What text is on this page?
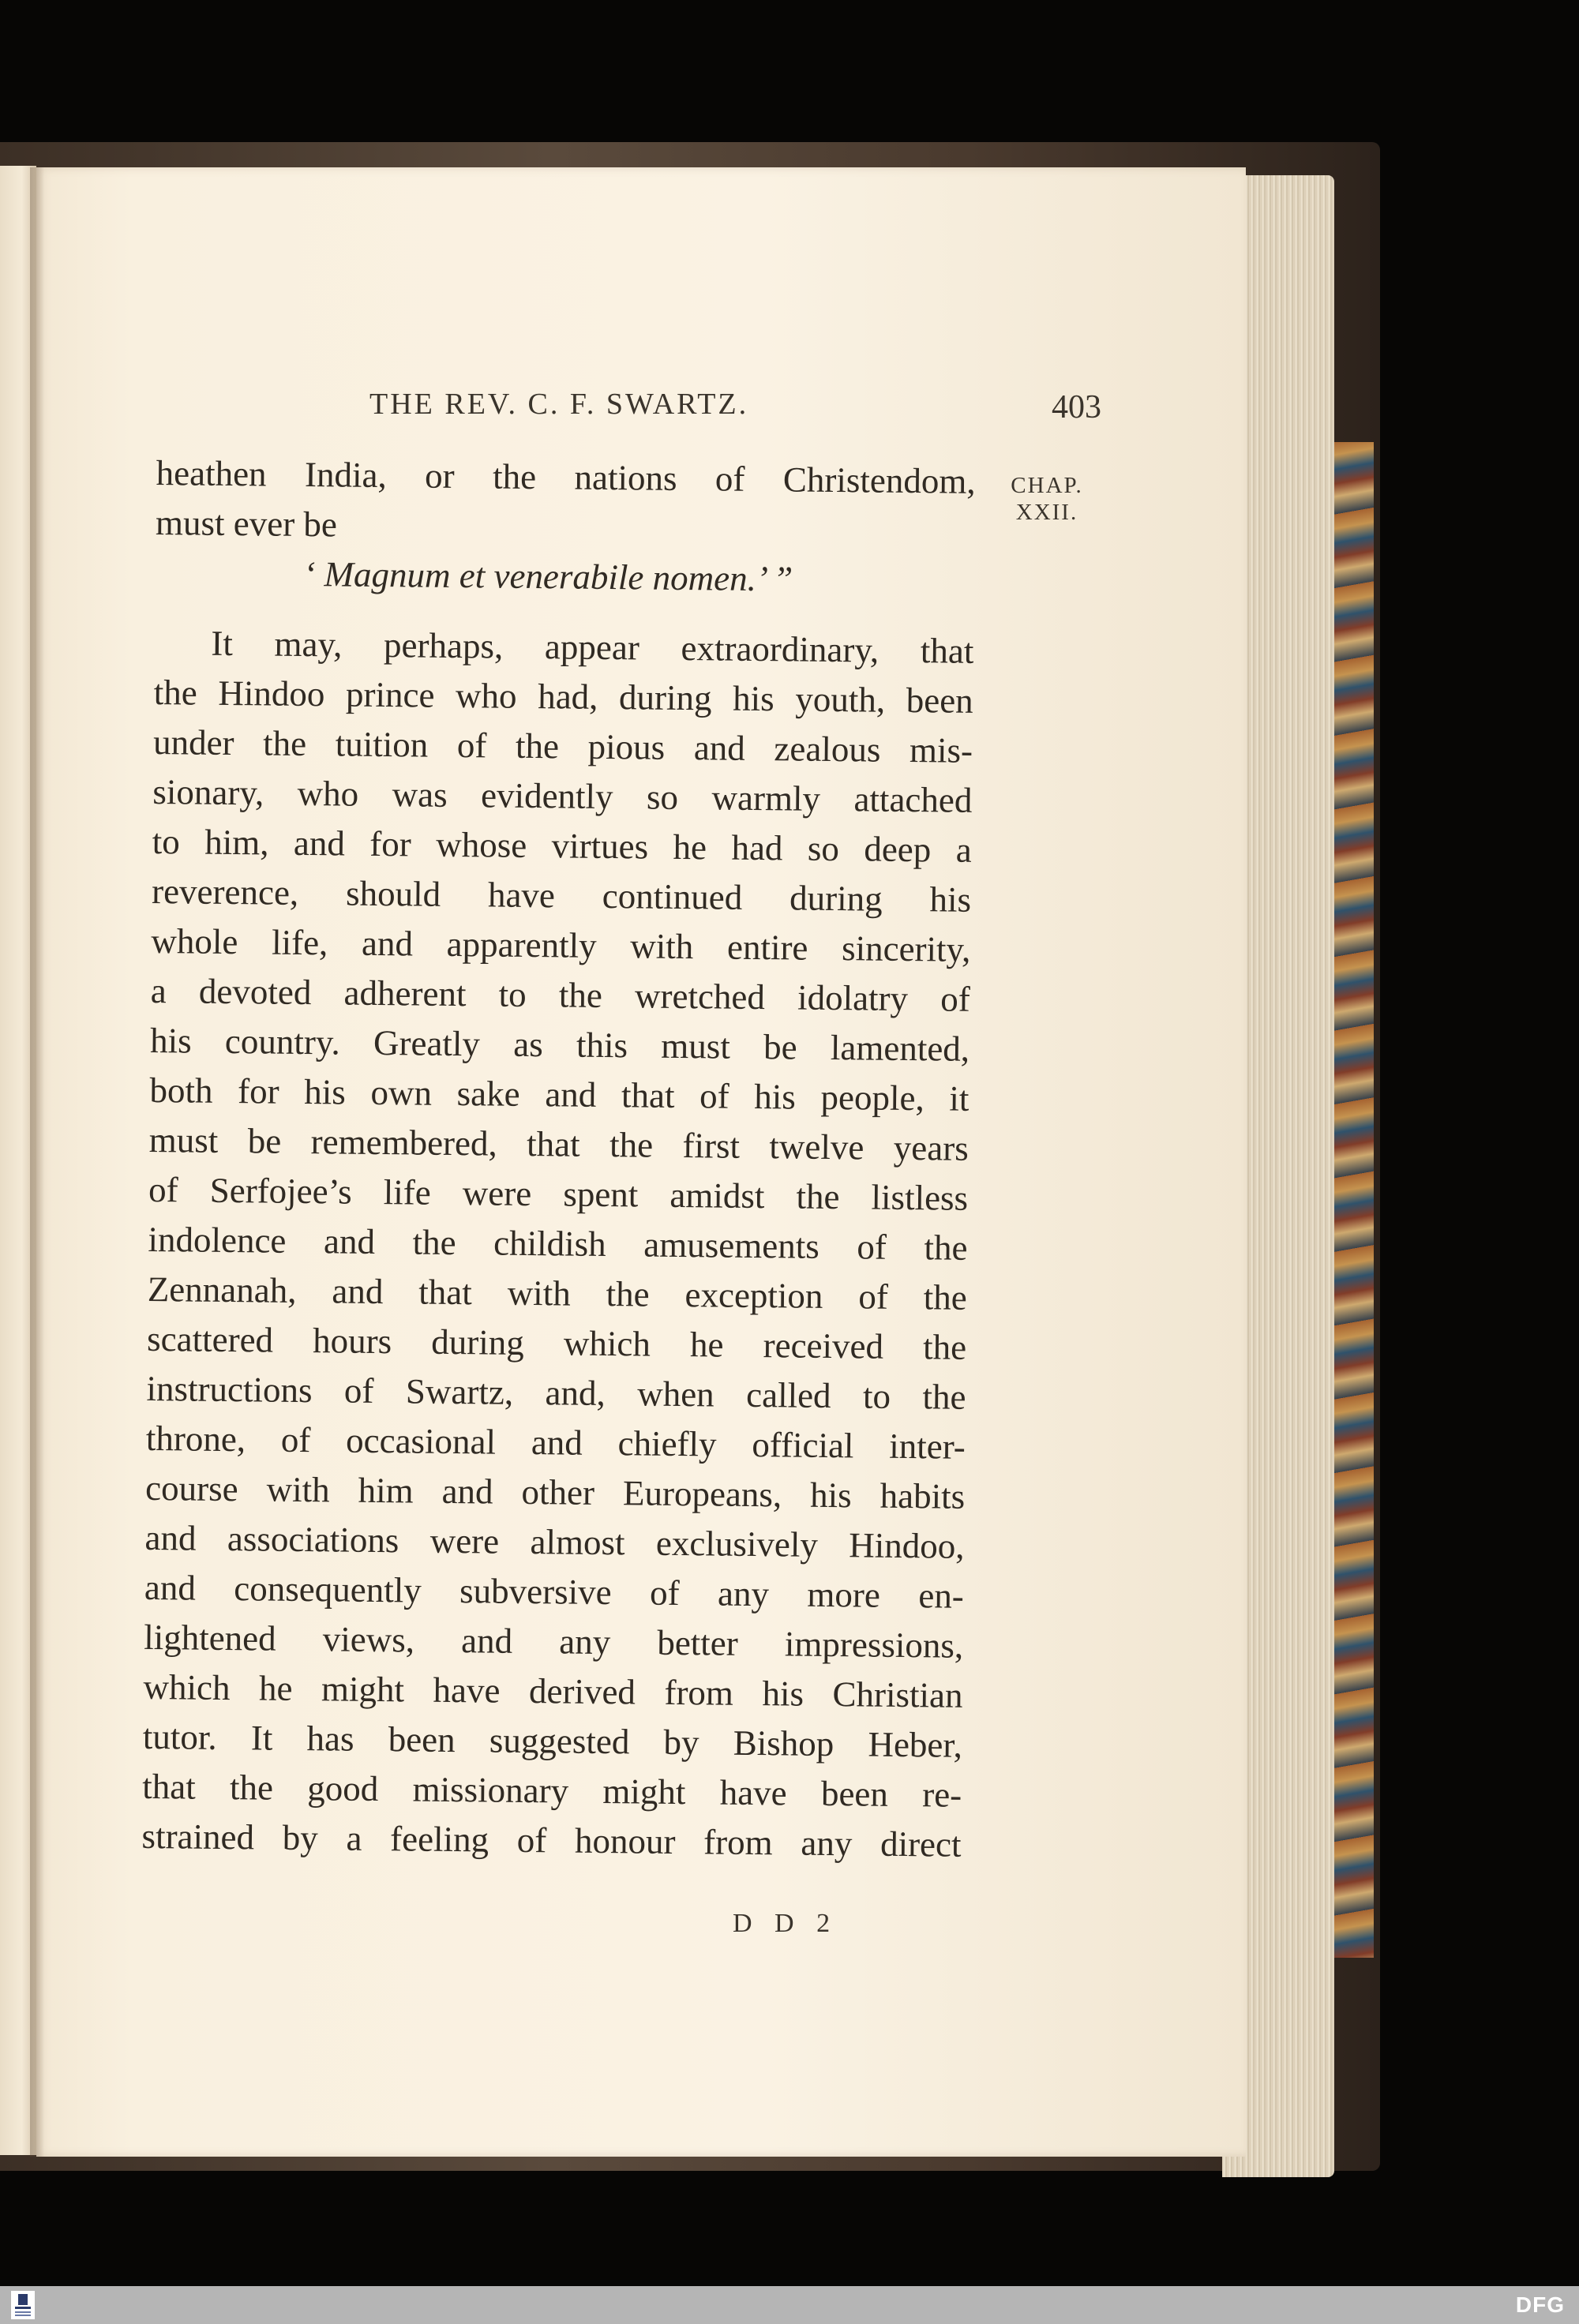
THE REV. C. F. SWARTZ.	403
CHAP.
XXII.
heathen India, or the nations of Christendom,
must ever be
‘ Magnum et venerabile nomen.’ ”
It may, perhaps, appear extraordinary, that
the Hindoo prince who had, during his youth, been
under the tuition of the pious and zealous mis-
sionary, who was evidently so warmly attached
to him, and for whose virtues he had so deep a
reverence, should have continued during his
whole life, and apparently with entire sincerity,
a devoted adherent to the wretched idolatry of
his country. Greatly as this must be lamented,
both for his own sake and that of his people, it
must be remembered, that the first twelve years
of Serfojee’s life were spent amidst the listless
indolence and the childish amusements of the
Zennanah, and that with the exception of the
scattered hours during which he received the
instructions of Swartz, and, when called to the
throne, of occasional and chiefly official inter-
course with him and other Europeans, his habits
and associations were almost exclusively Hindoo,
and consequently subversive of any more en-
lightened views, and any better impressions,
which he might have derived from his Christian
tutor. It has been suggested by Bishop Heber,
that the good missionary might have been re-
strained by a feeling of honour from any direct
D D 2
DFG
